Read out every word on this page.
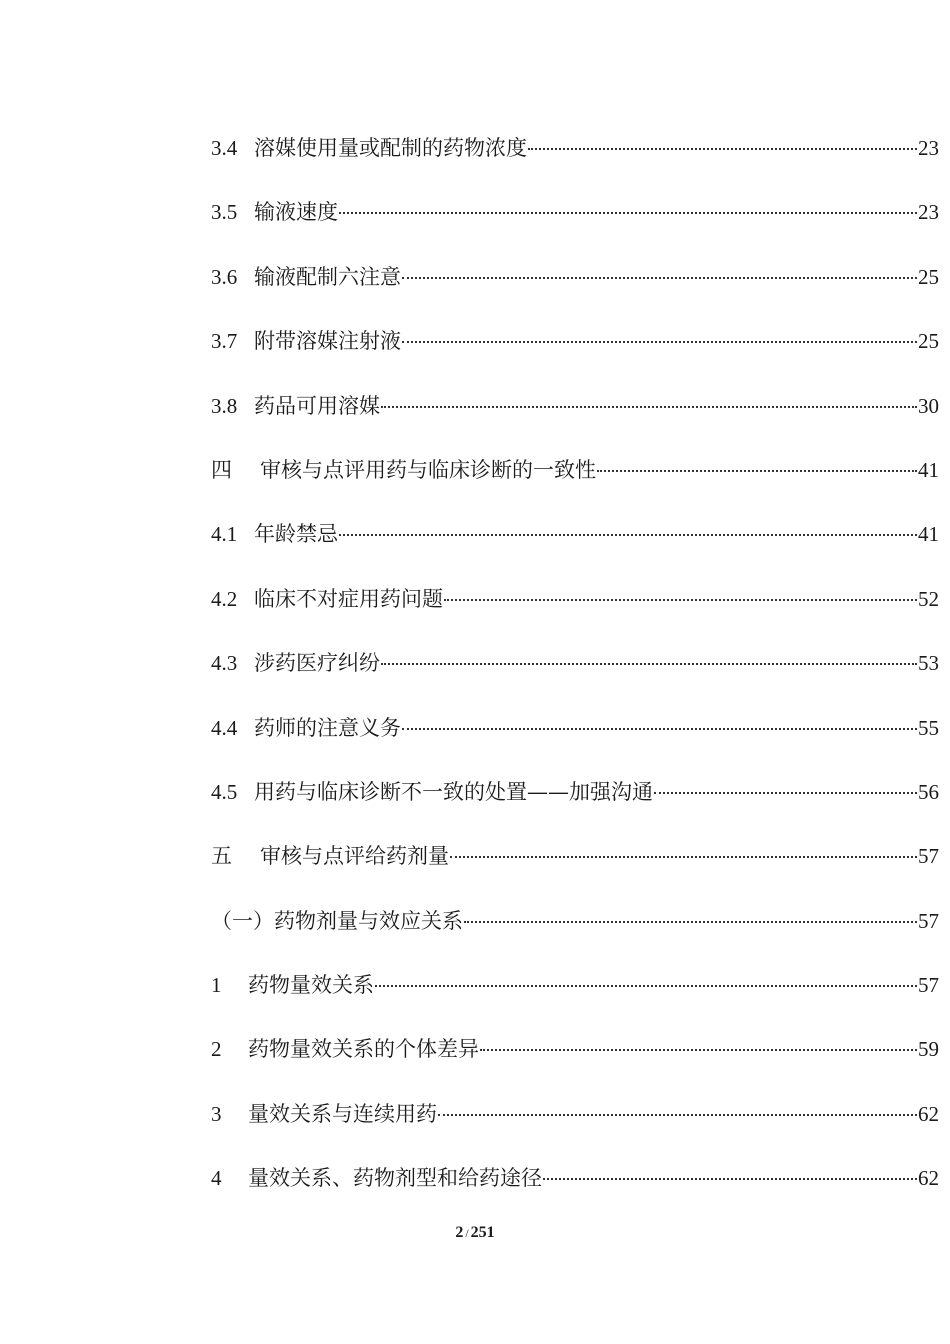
3.4 溶媒使用量或配制的药物浓度	23
3.5 输液速度	23
3.6 输液配制六注意	25
3.7 附带溶媒注射液	25
3.8 药品可用溶媒	30
四 审核与点评用药与临床诊断的一致性	41
4.1 年龄禁忌	41
4.2 临床不对症用药问题	52
4.3 涉药医疗纠纷	53
4.4 药师的注意义务	55
4.5 用药与临床诊断不一致的处置——加强沟通	56
五 审核与点评给药剂量	57
（一）药物剂量与效应关系	57
1 药物量效关系	57
2 药物量效关系的个体差异	59
3 量效关系与连续用药	62
4 量效关系、药物剂型和给药途径	62
2 / 251
